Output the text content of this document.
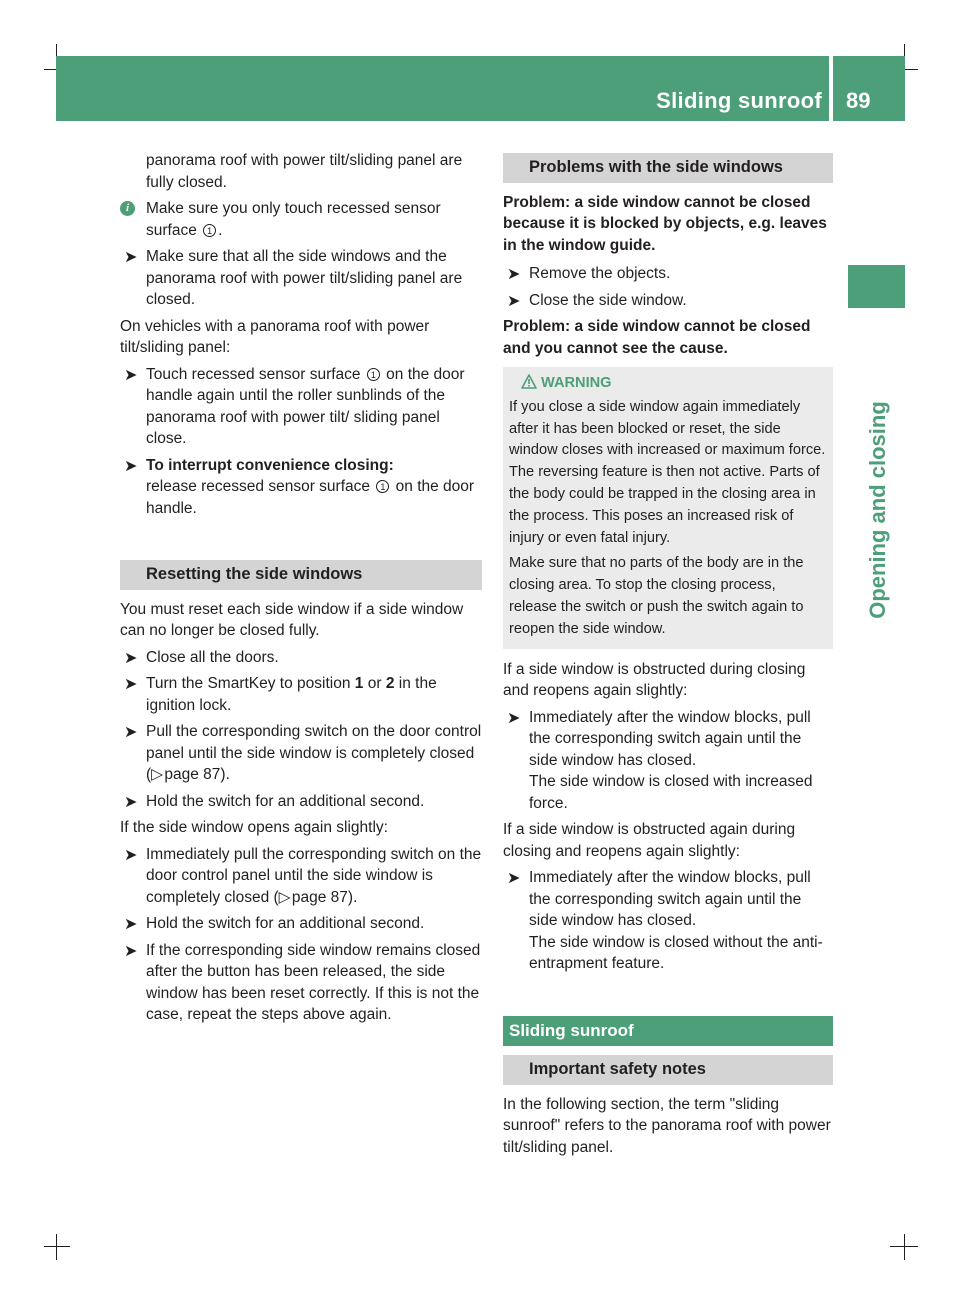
Sliding sunroof 89
Opening and closing

panorama roof with power tilt/sliding panel are fully closed.

i	Make sure you only touch recessed sensor surface 1 .
➤ Make sure that all the side windows and the panorama roof with power tilt/sliding panel are closed.

On vehicles with a panorama roof with power tilt/sliding panel:

➤ Touch recessed sensor surface 1 on the door handle again until the roller sunblinds of the panorama roof with power tilt/ sliding panel close.
➤ To interrupt convenience closing:
release recessed sensor surface 1 on the door handle.
Resetting the side windows

You must reset each side window if a side window can no longer be closed fully.

➤ Close all the doors.
➤ Turn the SmartKey to position 1 or 2 in the ignition lock.
➤ Pull the corresponding switch on the door control panel until the side window is completely closed (▷ page 87).
➤ Hold the switch for an additional second.

If the side window opens again slightly:

➤ Immediately pull the corresponding switch on the door control panel until the side window is completely closed (▷ page 87).
➤ Hold the switch for an additional second.
➤ If the corresponding side window remains closed after the button has been released, the side window has been reset correctly. If this is not the case, repeat the steps above again.
Problems with the side windows

Problem: a side window cannot be closed because it is blocked by objects, e.g. leaves in the window guide.

➤ Remove the objects.
➤ Close the side window.

Problem: a side window cannot be closed and you cannot see the cause.

WARNING

If you close a side window again immediately after it has been blocked or reset, the side window closes with increased or maximum force. The reversing feature is then not active. Parts of the body could be trapped in the closing area in the process. This poses an increased risk of injury or even fatal injury.

Make sure that no parts of the body are in the closing area. To stop the closing process, release the switch or push the switch again to reopen the side window.

If a side window is obstructed during closing and reopens again slightly:

➤ Immediately after the window blocks, pull the corresponding switch again until the side window has closed.

The side window is closed with increased force.

If a side window is obstructed again during closing and reopens again slightly:

➤ Immediately after the window blocks, pull the corresponding switch again until the side window has closed.

The side window is closed without the anti-entrapment feature.

Sliding sunroof
Important safety notes

In the following section, the term "sliding sunroof" refers to the panorama roof with power tilt/sliding panel.
